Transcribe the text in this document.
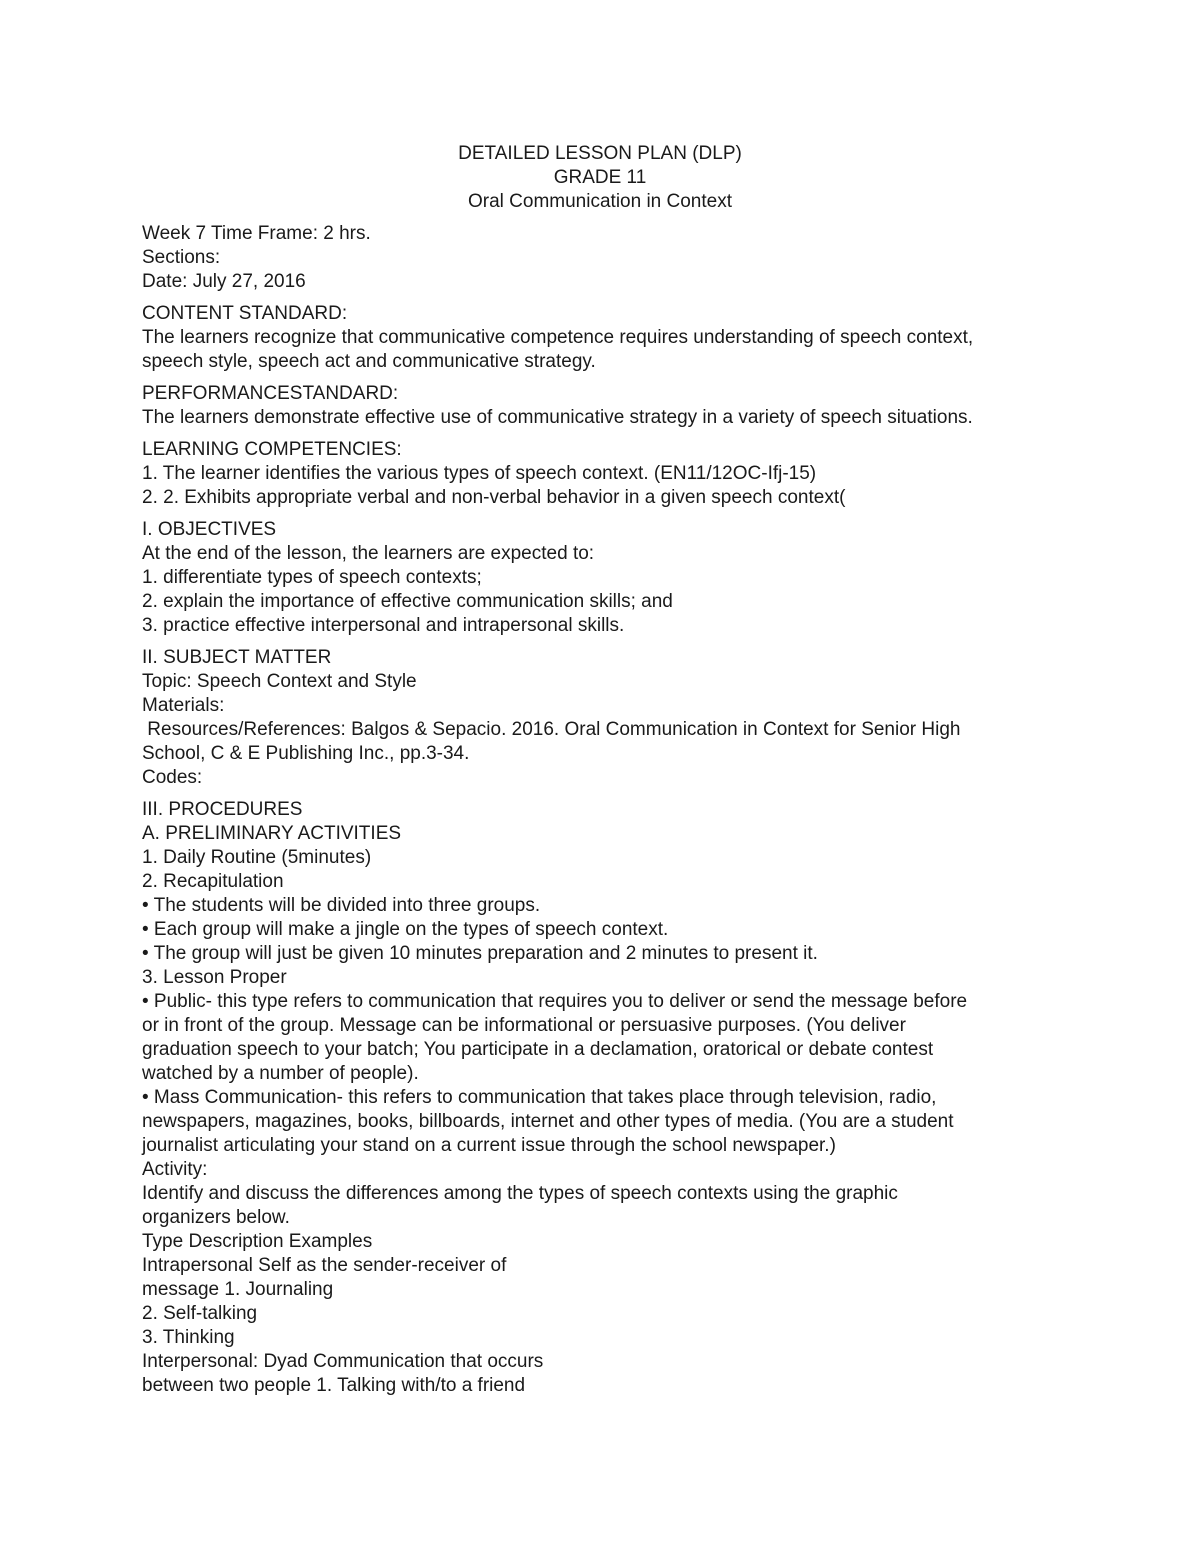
DETAILED LESSON PLAN (DLP)
GRADE 11
Oral Communication in Context
Week 7 Time Frame: 2 hrs.
Sections:
Date: July 27, 2016
CONTENT STANDARD:
The learners recognize that communicative competence requires understanding of speech context,
speech style, speech act and communicative strategy.
PERFORMANCESTANDARD:
The learners demonstrate effective use of communicative strategy in a variety of speech situations.
LEARNING COMPETENCIES:
1. The learner identifies the various types of speech context. (EN11/12OC-Ifj-15)
2. 2. Exhibits appropriate verbal and non-verbal behavior in a given speech context(
I. OBJECTIVES
At the end of the lesson, the learners are expected to:
1. differentiate types of speech contexts;
2. explain the importance of effective communication skills; and
3. practice effective interpersonal and intrapersonal skills.
II. SUBJECT MATTER
Topic: Speech Context and Style
Materials:
Resources/References: Balgos & Sepacio. 2016. Oral Communication in Context for Senior High
School, C & E Publishing Inc., pp.3-34.
Codes:
III. PROCEDURES
A. PRELIMINARY ACTIVITIES
1. Daily Routine (5minutes)
2. Recapitulation
• The students will be divided into three groups.
• Each group will make a jingle on the types of speech context.
• The group will just be given 10 minutes preparation and 2 minutes to present it.
3. Lesson Proper
• Public- this type refers to communication that requires you to deliver or send the message before
or in front of the group. Message can be informational or persuasive purposes. (You deliver
graduation speech to your batch; You participate in a declamation, oratorical or debate contest
watched by a number of people).
• Mass Communication- this refers to communication that takes place through television, radio,
newspapers, magazines, books, billboards, internet and other types of media. (You are a student
journalist articulating your stand on a current issue through the school newspaper.)
Activity:
Identify and discuss the differences among the types of speech contexts using the graphic
organizers below.
Type Description Examples
Intrapersonal Self as the sender-receiver of
message 1. Journaling
2. Self-talking
3. Thinking
Interpersonal: Dyad Communication that occurs
between two people 1. Talking with/to a friend
